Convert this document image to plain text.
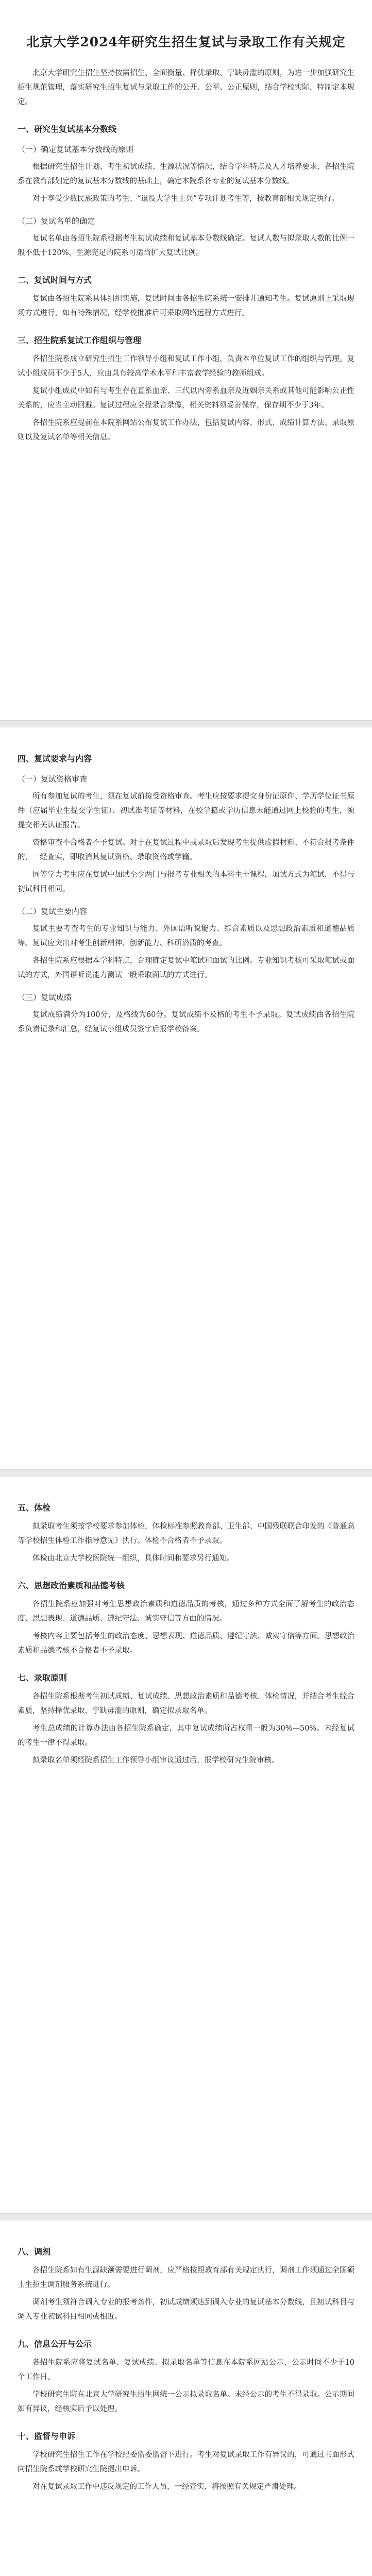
北京大学2024年研究生招生复试与录取工作有关规定

北京大学研究生招生坚持按需招生、全面衡量、择优录取、宁缺毋滥的原则，为进一步加强研究生招生规范管理，落实研究生招生复试与录取工作的公开、公平、公正原则，结合学校实际，特制定本规定。

一、研究生复试基本分数线
（一）确定复试基本分数线的原则

根据研究生招生计划、考生初试成绩、生源状况等情况，结合学科特点及人才培养要求，各招生院系在教育部划定的复试基本分数线的基础上，确定本院系各专业的复试基本分数线。

对于享受少数民族政策的考生、“退役大学生士兵”专项计划考生等，按教育部相关规定执行。

（二）复试名单的确定

复试名单由各招生院系根据考生初试成绩和复试基本分数线确定。复试人数与拟录取人数的比例一般不低于120%，生源充足的院系可适当扩大复试比例。

二、复试时间与方式

复试由各招生院系具体组织实施，复试时间由各招生院系统一安排并通知考生。复试原则上采取现场方式进行，如有特殊情况，经学校批准后可采取网络远程方式进行。

三、招生院系复试工作组织与管理

各招生院系成立研究生招生工作领导小组和复试工作小组，负责本单位复试工作的组织与管理。复试小组成员不少于5人，应由具有较高学术水平和丰富教学经验的教师组成。

复试小组成员中如有与考生存在直系血亲、三代以内旁系血亲及近姻亲关系或其他可能影响公正性关系的，应当主动回避。复试过程应全程录音录像，相关资料须妥善保存，保存期不少于3年。

各招生院系应提前在本院系网站公布复试工作办法，包括复试内容、形式、成绩计算方法、录取原则以及复试名单等相关信息。

四、复试要求与内容
（一）复试资格审查

所有参加复试的考生，须在复试前接受资格审查。考生应按要求提交身份证原件、学历学位证书原件（应届毕业生提交学生证）、初试准考证等材料，在校学籍或学历信息未能通过网上校验的考生，须提交相关认证报告。

资格审查不合格者不予复试。对于在复试过程中或录取后发现考生提供虚假材料、不符合报考条件的，一经查实，即取消其复试资格、录取资格或学籍。

同等学力考生应在复试中加试至少两门与报考专业相关的本科主干课程，加试方式为笔试，不得与初试科目相同。

（二）复试主要内容

复试主要考查考生的专业知识与能力、外国语听说能力、综合素质以及思想政治素质和道德品质等。复试应突出对考生创新精神、创新能力、科研潜质的考查。

各招生院系应根据本学科特点，合理确定复试中笔试和面试的比例。专业知识考核可采取笔试或面试的方式，外国语听说能力测试一般采取面试的方式进行。

（三）复试成绩

复试成绩满分为100分，及格线为60分。复试成绩不及格的考生不予录取。复试成绩由各招生院系负责记录和汇总，经复试小组成员签字后报学校备案。

五、体检

拟录取考生须按学校要求参加体检，体检标准参照教育部、卫生部、中国残联联合印发的《普通高等学校招生体检工作指导意见》执行。体检不合格者不予录取。

体检由北京大学校医院统一组织，具体时间和要求另行通知。

六、思想政治素质和品德考核

各招生院系应加强对考生思想政治素质和道德品质的考核，通过多种方式全面了解考生的政治态度、思想表现、道德品质、遵纪守法、诚实守信等方面的情况。

考核内容主要包括考生的政治态度、思想表现、道德品质、遵纪守法、诚实守信等方面。思想政治素质和品德考核不合格者不予录取。

七、录取原则

各招生院系根据考生初试成绩、复试成绩、思想政治素质和品德考核、体检情况，并结合考生综合素质，坚持择优录取、宁缺毋滥的原则，确定拟录取名单。

考生总成绩的计算办法由各招生院系确定，其中复试成绩所占权重一般为30%—50%。未经复试的考生一律不得录取。

拟录取名单须经院系招生工作领导小组审议通过后，报学校研究生院审核。

八、调剂

各招生院系如有生源缺额需要进行调剂，应严格按照教育部有关规定执行，调剂工作须通过全国硕士生招生调剂服务系统进行。

调剂考生须符合调入专业的报考条件，初试成绩须达到调入专业的复试基本分数线，且初试科目与调入专业初试科目相同或相近。

九、信息公开与公示

各招生院系应将复试名单、复试成绩、拟录取名单等信息在本院系网站公示，公示时间不少于10个工作日。

学校研究生院在北京大学研究生招生网统一公示拟录取名单。未经公示的考生不得录取。公示期间如有异议，经核实后予以处理。

十、监督与申诉

学校研究生招生工作在学校纪委监委监督下进行。考生对复试录取工作有异议的，可通过书面形式向招生院系或学校研究生院提出申诉。

对在复试录取工作中违反规定的工作人员，一经查实，将按照有关规定严肃处理。
